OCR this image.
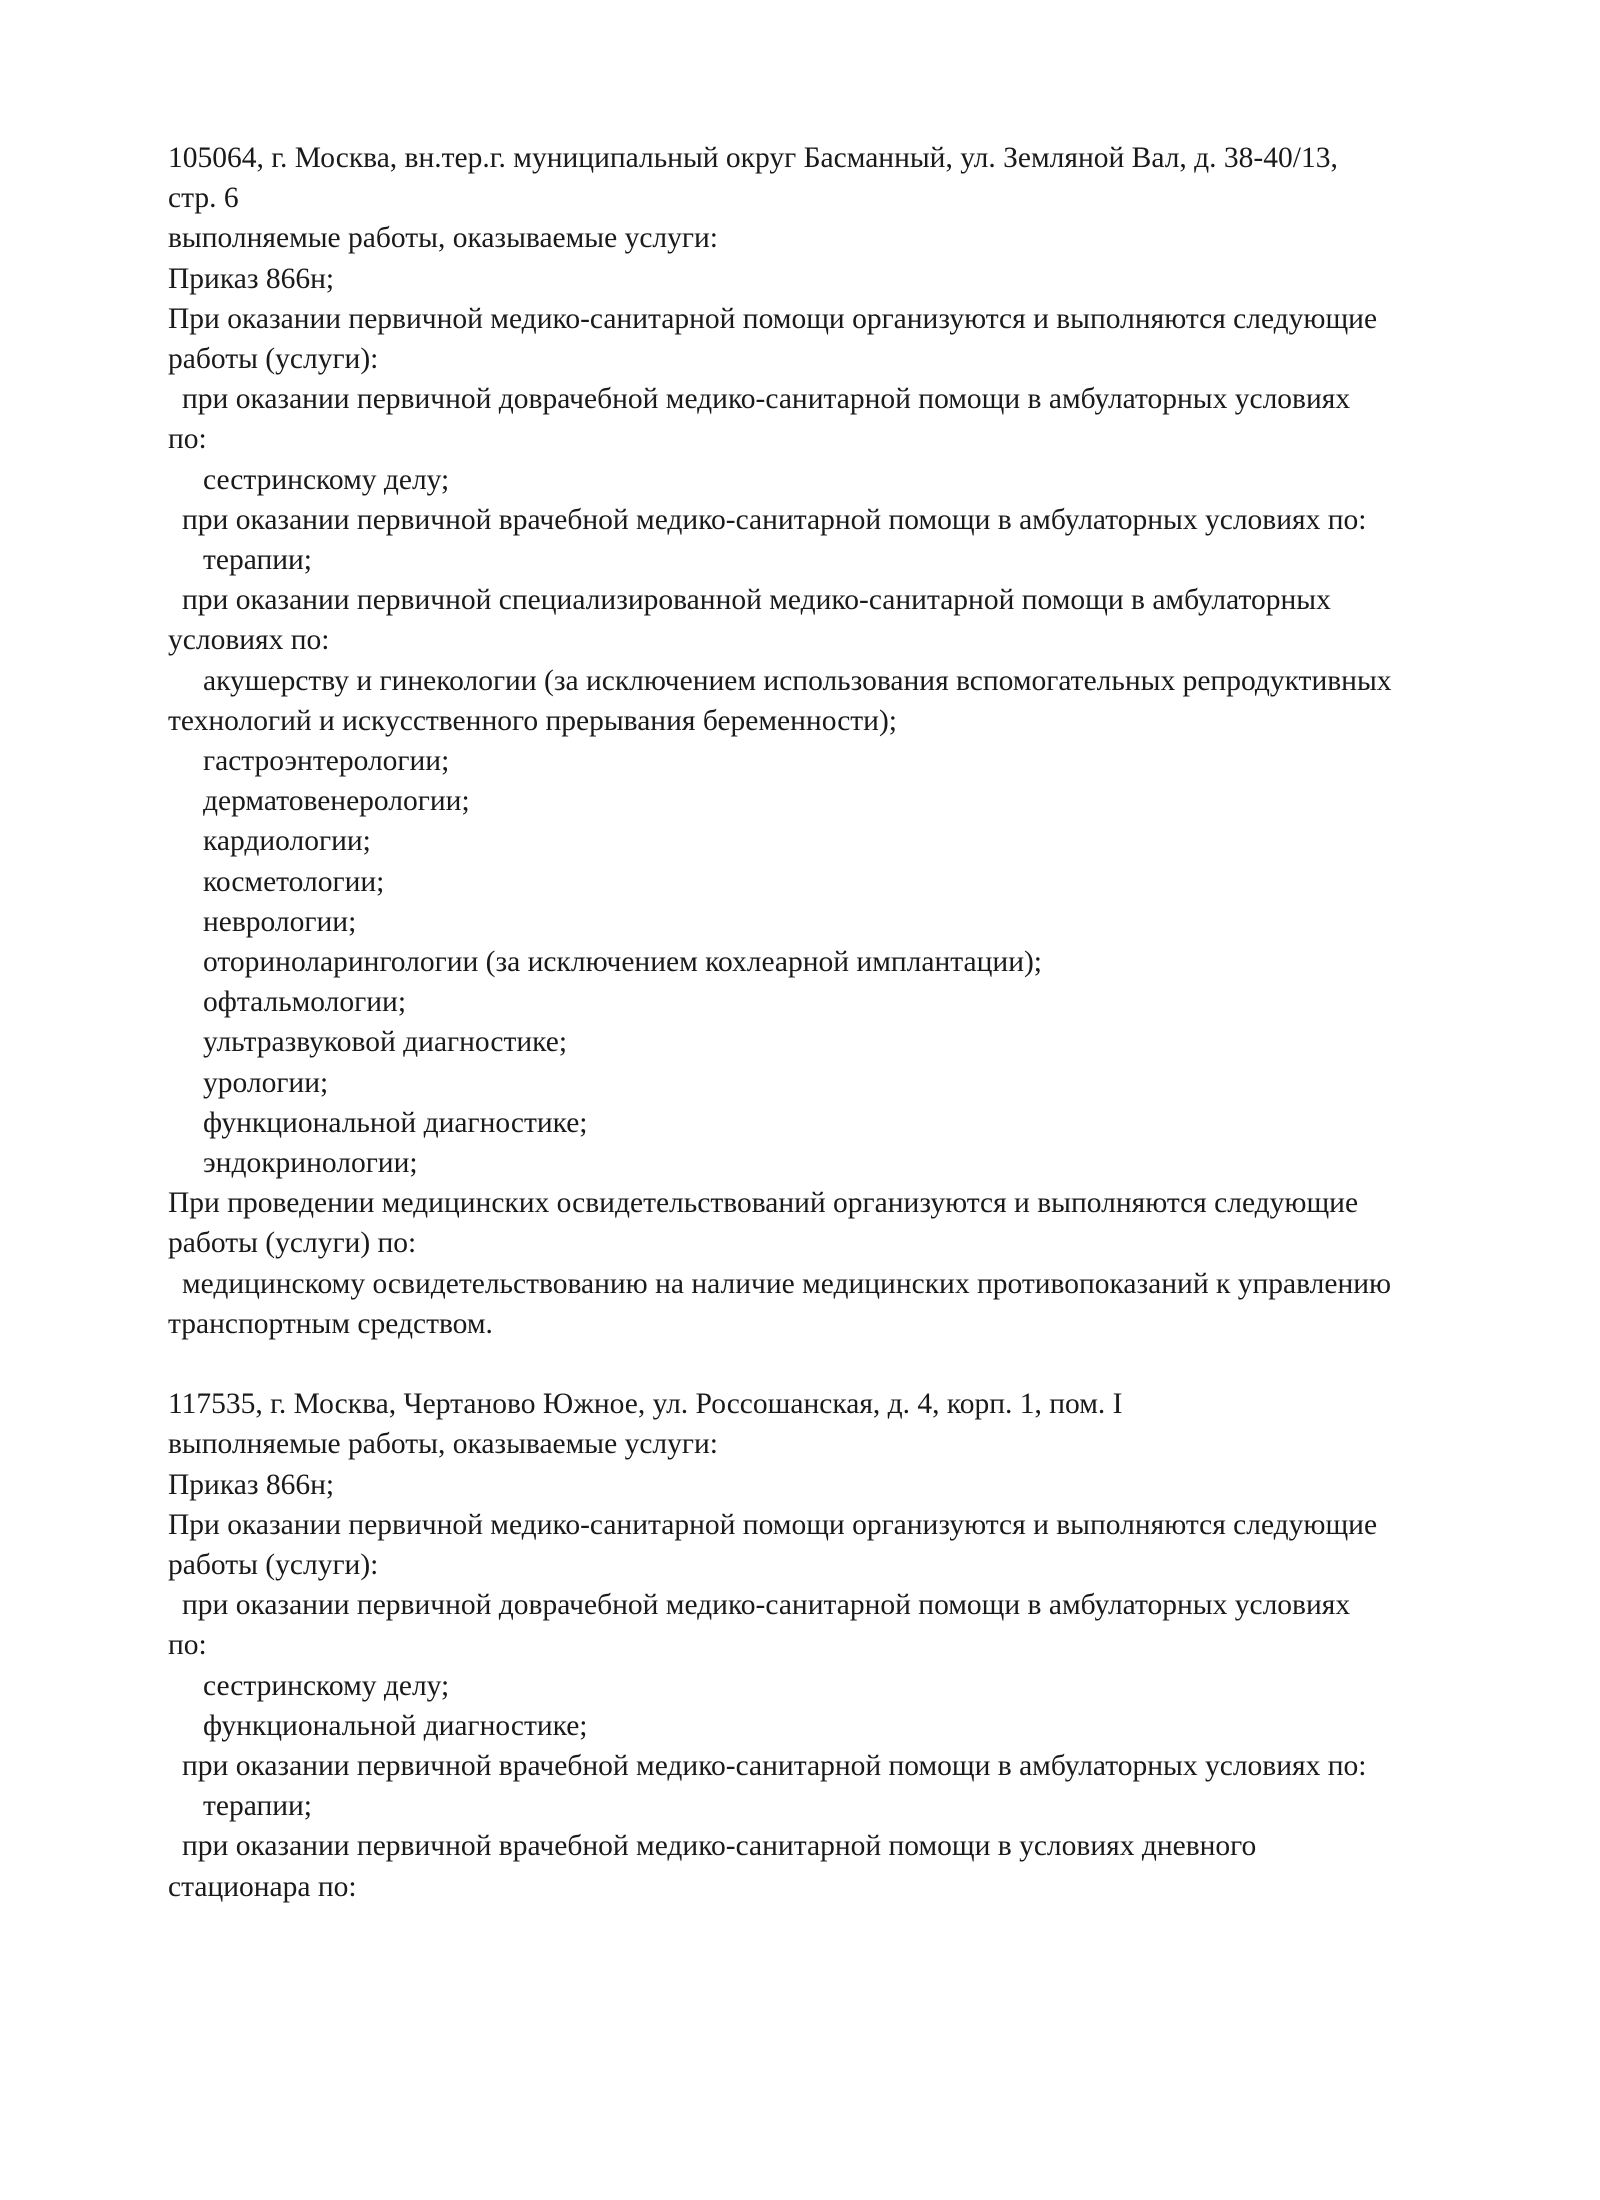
105064, г. Москва, вн.тер.г. муниципальный округ Басманный, ул. Земляной Вал, д. 38-40/13,

стр. 6

выполняемые работы, оказываемые услуги:

Приказ 866н;

При оказании первичной медико-санитарной помощи организуются и выполняются следующие

работы (услуги):

при оказании первичной доврачебной медико-санитарной помощи в амбулаторных условиях

по:

сестринскому делу;

при оказании первичной врачебной медико-санитарной помощи в амбулаторных условиях по:

терапии;

при оказании первичной специализированной медико-санитарной помощи в амбулаторных

условиях по:

акушерству и гинекологии (за исключением использования вспомогательных репродуктивных

технологий и искусственного прерывания беременности);

гастроэнтерологии;

дерматовенерологии;

кардиологии;

косметологии;

неврологии;

оториноларингологии (за исключением кохлеарной имплантации);

офтальмологии;

ультразвуковой диагностике;

урологии;

функциональной диагностике;

эндокринологии;

При проведении медицинских освидетельствований организуются и выполняются следующие

работы (услуги) по:

медицинскому освидетельствованию на наличие медицинских противопоказаний к управлению

транспортным средством.

117535, г. Москва, Чертаново Южное, ул. Россошанская, д. 4, корп. 1, пом. I

выполняемые работы, оказываемые услуги:

Приказ 866н;

При оказании первичной медико-санитарной помощи организуются и выполняются следующие

работы (услуги):

при оказании первичной доврачебной медико-санитарной помощи в амбулаторных условиях

по:

сестринскому делу;

функциональной диагностике;

при оказании первичной врачебной медико-санитарной помощи в амбулаторных условиях по:

терапии;

при оказании первичной врачебной медико-санитарной помощи в условиях дневного

стационара по:
